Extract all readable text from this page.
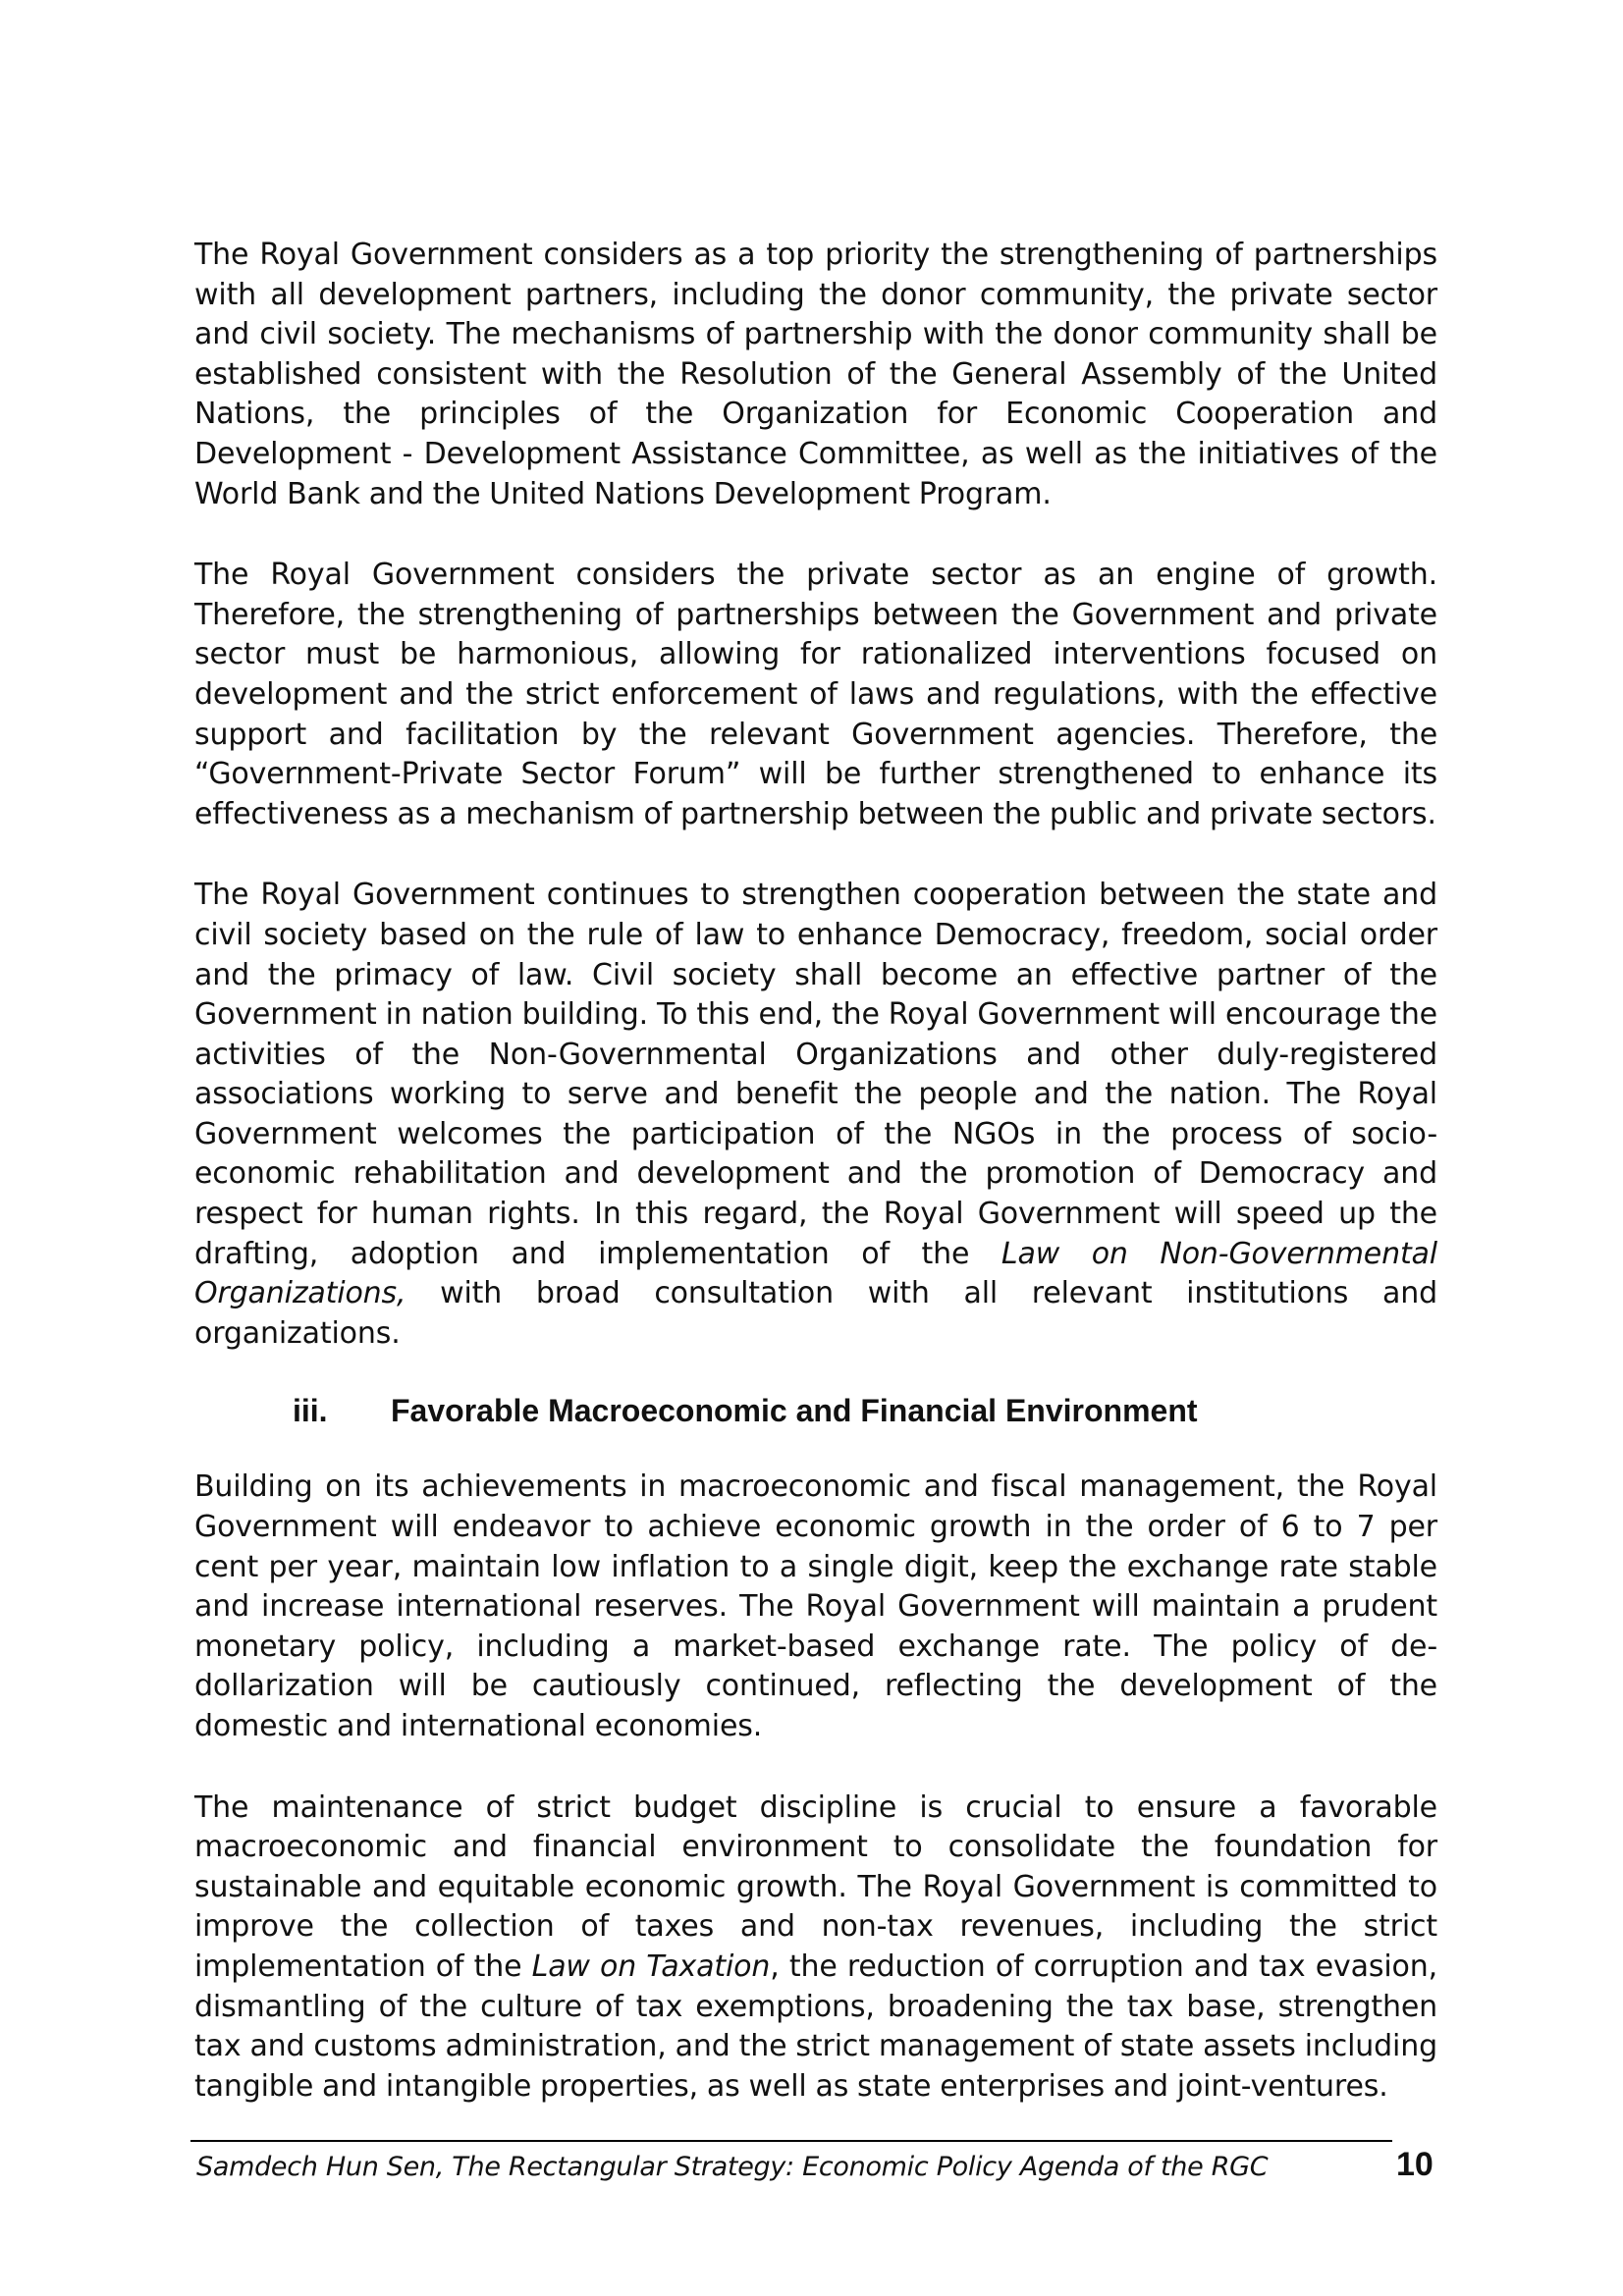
The Royal Government considers as a top priority the strengthening of partnerships with all development partners, including the donor community, the private sector and civil society. The mechanisms of partnership with the donor community shall be established consistent with the Resolution of the General Assembly of the United Nations, the principles of the Organization for Economic Cooperation and Development - Development Assistance Committee, as well as the initiatives of the World Bank and the United Nations Development Program.

The Royal Government considers the private sector as an engine of growth. Therefore, the strengthening of partnerships between the Government and private sector must be harmonious, allowing for rationalized interventions focused on development and the strict enforcement of laws and regulations, with the effective support and facilitation by the relevant Government agencies. Therefore, the “Government-Private Sector Forum” will be further strengthened to enhance its effectiveness as a mechanism of partnership between the public and private sectors.

The Royal Government continues to strengthen cooperation between the state and civil society based on the rule of law to enhance Democracy, freedom, social order and the primacy of law. Civil society shall become an effective partner of the Government in nation building. To this end, the Royal Government will encourage the activities of the Non-Governmental Organizations and other duly-registered associations working to serve and benefit the people and the nation. The Royal Government welcomes the participation of the NGOs in the process of socio-economic rehabilitation and development and the promotion of Democracy and respect for human rights. In this regard, the Royal Government will speed up the drafting, adoption and implementation of the Law on Non-Governmental Organizations, with broad consultation with all relevant institutions and organizations.

iii.	Favorable Macroeconomic and Financial Environment

Building on its achievements in macroeconomic and fiscal management, the Royal Government will endeavor to achieve economic growth in the order of 6 to 7 per cent per year, maintain low inflation to a single digit, keep the exchange rate stable and increase international reserves. The Royal Government will maintain a prudent monetary policy, including a market-based exchange rate. The policy of de-dollarization will be cautiously continued, reflecting the development of the domestic and international economies.

The maintenance of strict budget discipline is crucial to ensure a favorable macroeconomic and financial environment to consolidate the foundation for sustainable and equitable economic growth. The Royal Government is committed to improve the collection of taxes and non-tax revenues, including the strict implementation of the Law on Taxation, the reduction of corruption and tax evasion, dismantling of the culture of tax exemptions, broadening the tax base, strengthen tax and customs administration, and the strict management of state assets including tangible and intangible properties, as well as state enterprises and joint-ventures.

Samdech Hun Sen, The Rectangular Strategy: Economic Policy Agenda of the RGC	10
